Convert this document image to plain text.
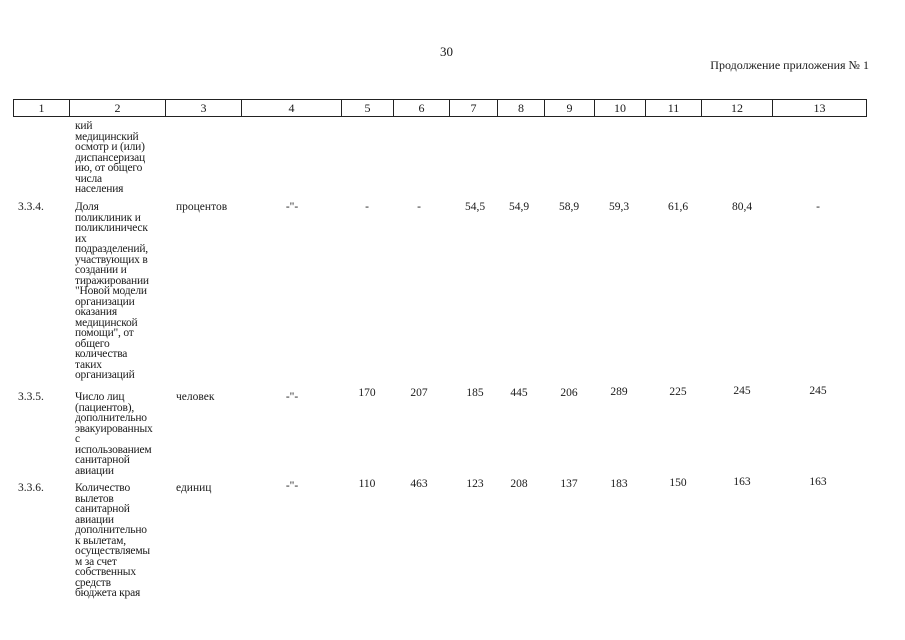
30
Продолжение приложения № 1
1	2	3	4	5	6	7	8	9	10	11	12	13
кий
медицинский
осмотр и (или)
диспансеризац
ию, от общего
числа
населения
3.3.4.	Доля
поликлиник и
поликлиническ
их
подразделений,
участвующих в
создании и
тиражировании
"Новой модели
организации
оказания
медицинской
помощи", от
общего
количества
таких
организаций
процентов	-"-	-	-	54,5	54,9	58,9	59,3	61,6	80,4	-
3.3.5.	Число лиц
(пациентов),
дополнительно
эвакуированных
с
использованием
санитарной
авиации
человек	-"-	170	207	185	445	206	289	225	245	245
3.3.6.	Количество
вылетов
санитарной
авиации
дополнительно
к вылетам,
осуществляемы
м за счет
собственных
средств
бюджета края
единиц	-"-	110	463	123	208	137	183	150	163	163
